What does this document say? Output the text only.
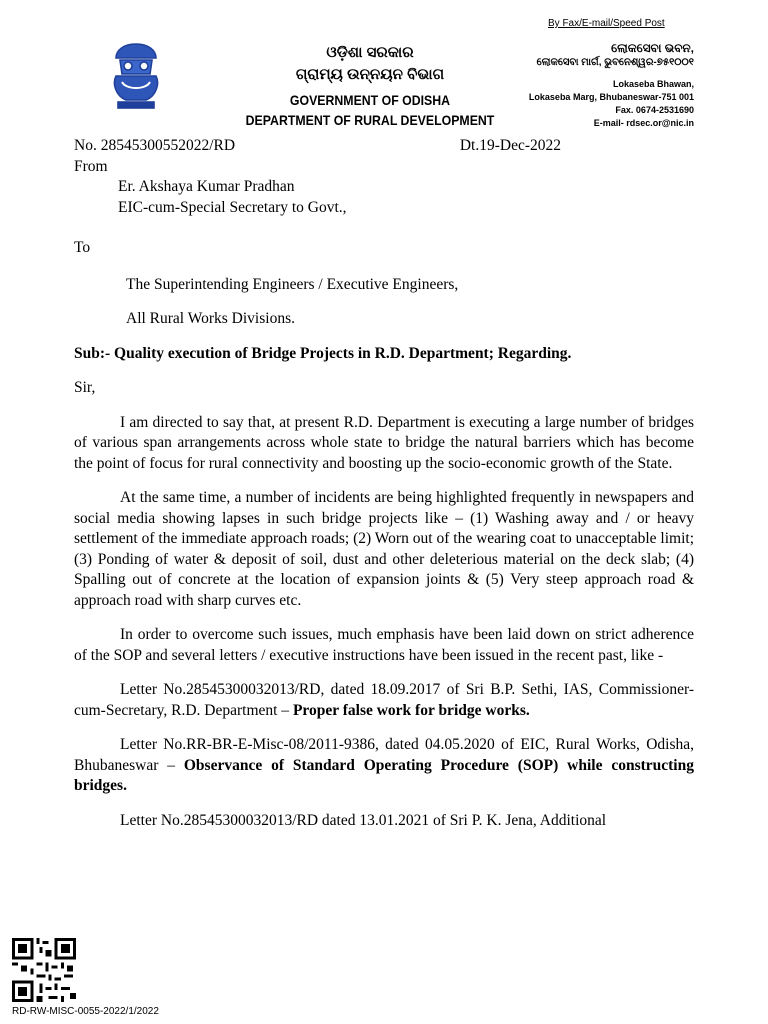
By Fax/E-mail/Speed Post
ଓଡ଼ିଶା ସରକାର
ଗ୍ରାମ୍ୟ ଉନ୍ନୟନ ବିଭାଗ
GOVERNMENT OF ODISHA
DEPARTMENT OF RURAL DEVELOPMENT
ଲୋକସେବା ଭବନ,
ଲୋକସେବା ମାର୍ଗ, ଭୁବନେଶ୍ୱର-୭୫୧୦୦୧
Lokaseba Bhawan,
Lokaseba Marg, Bhubaneswar-751 001
Fax. 0674-2531690
E-mail- rdsec.or@nic.in
No. 28545300552022/RD	Dt.19-Dec-2022

From

Er. Akshaya Kumar Pradhan

EIC-cum-Special Secretary to Govt.,

To

The Superintending Engineers / Executive Engineers,

All Rural Works Divisions.

Sub:- Quality execution of Bridge Projects in R.D. Department; Regarding.

Sir,

I am directed to say that, at present R.D. Department is executing a large number of bridges of various span arrangements across whole state to bridge the natural barriers which has become the point of focus for rural connectivity and boosting up the socio-economic growth of the State.

At the same time, a number of incidents are being highlighted frequently in newspapers and social media showing lapses in such bridge projects like – (1) Washing away and / or heavy settlement of the immediate approach roads; (2) Worn out of the wearing coat to unacceptable limit; (3) Ponding of water & deposit of soil, dust and other deleterious material on the deck slab; (4) Spalling out of concrete at the location of expansion joints & (5) Very steep approach road & approach road with sharp curves etc.

In order to overcome such issues, much emphasis have been laid down on strict adherence of the SOP and several letters / executive instructions have been issued in the recent past, like -

Letter No.28545300032013/RD, dated 18.09.2017 of Sri B.P. Sethi, IAS, Commissioner-cum-Secretary, R.D. Department – Proper false work for bridge works.

Letter No.RR-BR-E-Misc-08/2011-9386, dated 04.05.2020 of EIC, Rural Works, Odisha, Bhubaneswar – Observance of Standard Operating Procedure (SOP) while constructing bridges.

Letter No.28545300032013/RD dated 13.01.2021 of Sri P. K. Jena, Additional

RD-RW-MISC-0055-2022/1/2022
